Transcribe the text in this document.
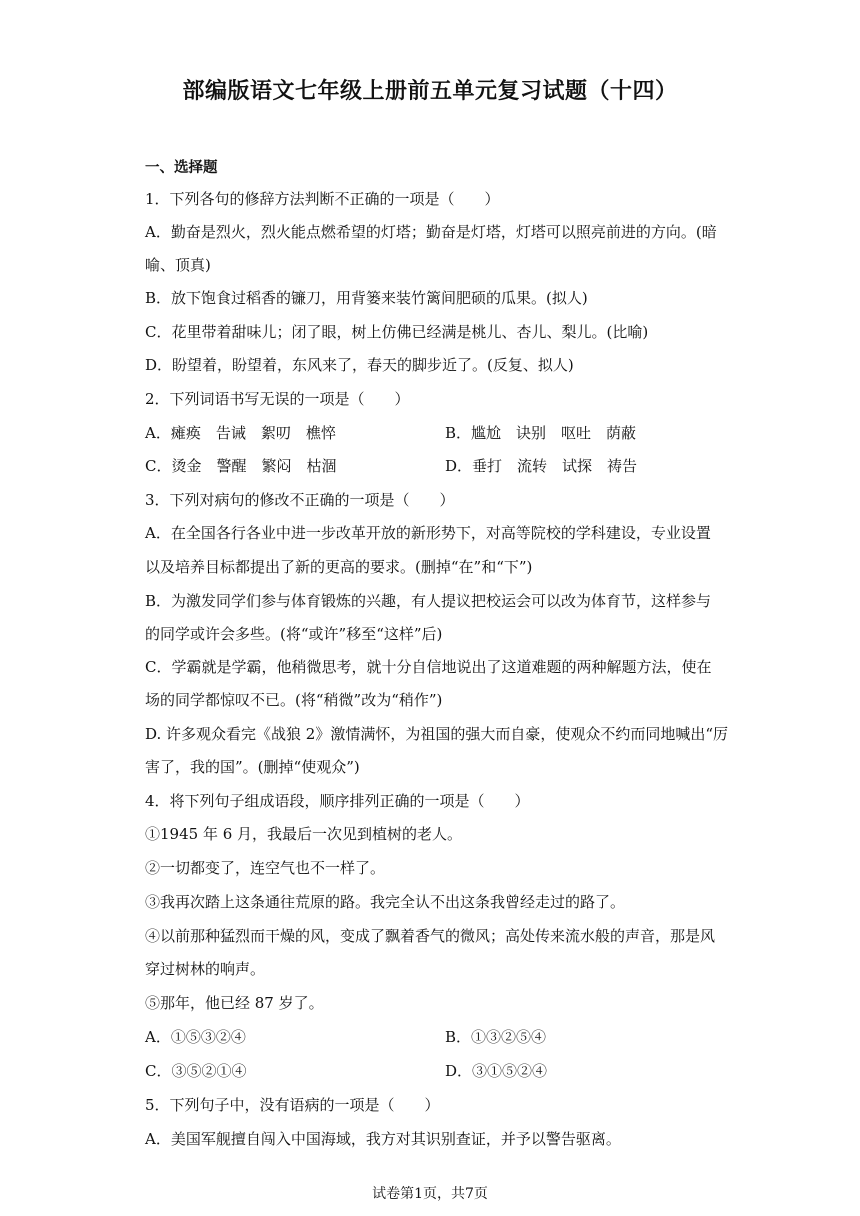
部编版语文七年级上册前五单元复习试题（十四）
一、选择题
1．下列各句的修辞方法判断不正确的一项是（　　）
A．勤奋是烈火，烈火能点燃希望的灯塔；勤奋是灯塔，灯塔可以照亮前进的方向。(暗
喻、顶真)
B．放下饱食过稻香的镰刀，用背篓来装竹篱间肥硕的瓜果。(拟人)
C．花里带着甜味儿；闭了眼，树上仿佛已经满是桃儿、杏儿、梨儿。(比喻)
D．盼望着，盼望着，东风来了，春天的脚步近了。(反复、拟人)
2．下列词语书写无误的一项是（　　）
A．瘫痪　告诫　絮叨　樵悴	B．尴尬　诀别　呕吐　荫蔽
C．烫金　警醒　繁闷　枯涸	D．垂打　流转　试探　祷告
3．下列对病句的修改不正确的一项是（　　）
A．在全国各行各业中进一步改革开放的新形势下，对高等院校的学科建设，专业设置
以及培养目标都提出了新的更高的要求。(删掉“在”和“下”)
B．为激发同学们参与体育锻炼的兴趣，有人提议把校运会可以改为体育节，这样参与
的同学或许会多些。(将“或许”移至“这样”后)
C．学霸就是学霸，他稍微思考，就十分自信地说出了这道难题的两种解题方法，使在
场的同学都惊叹不已。(将“稍微”改为“稍作”)
D. 许多观众看完《战狼 2》激情满怀，为祖国的强大而自豪，使观众不约而同地喊出“厉
害了，我的国”。(删掉“使观众”)
4．将下列句子组成语段，顺序排列正确的一项是（　　）
①1945 年 6 月，我最后一次见到植树的老人。
②一切都变了，连空气也不一样了。
③我再次踏上这条通往荒原的路。我完全认不出这条我曾经走过的路了。
④以前那种猛烈而干燥的风，变成了飘着香气的微风；高处传来流水般的声音，那是风
穿过树林的响声。
⑤那年，他已经 87 岁了。
A．①⑤③②④	B．①③②⑤④
C．③⑤②①④	D．③①⑤②④
5．下列句子中，没有语病的一项是（　　）
A．美国军舰擅自闯入中国海域，我方对其识别查证，并予以警告驱离。
试卷第1页，共7页
